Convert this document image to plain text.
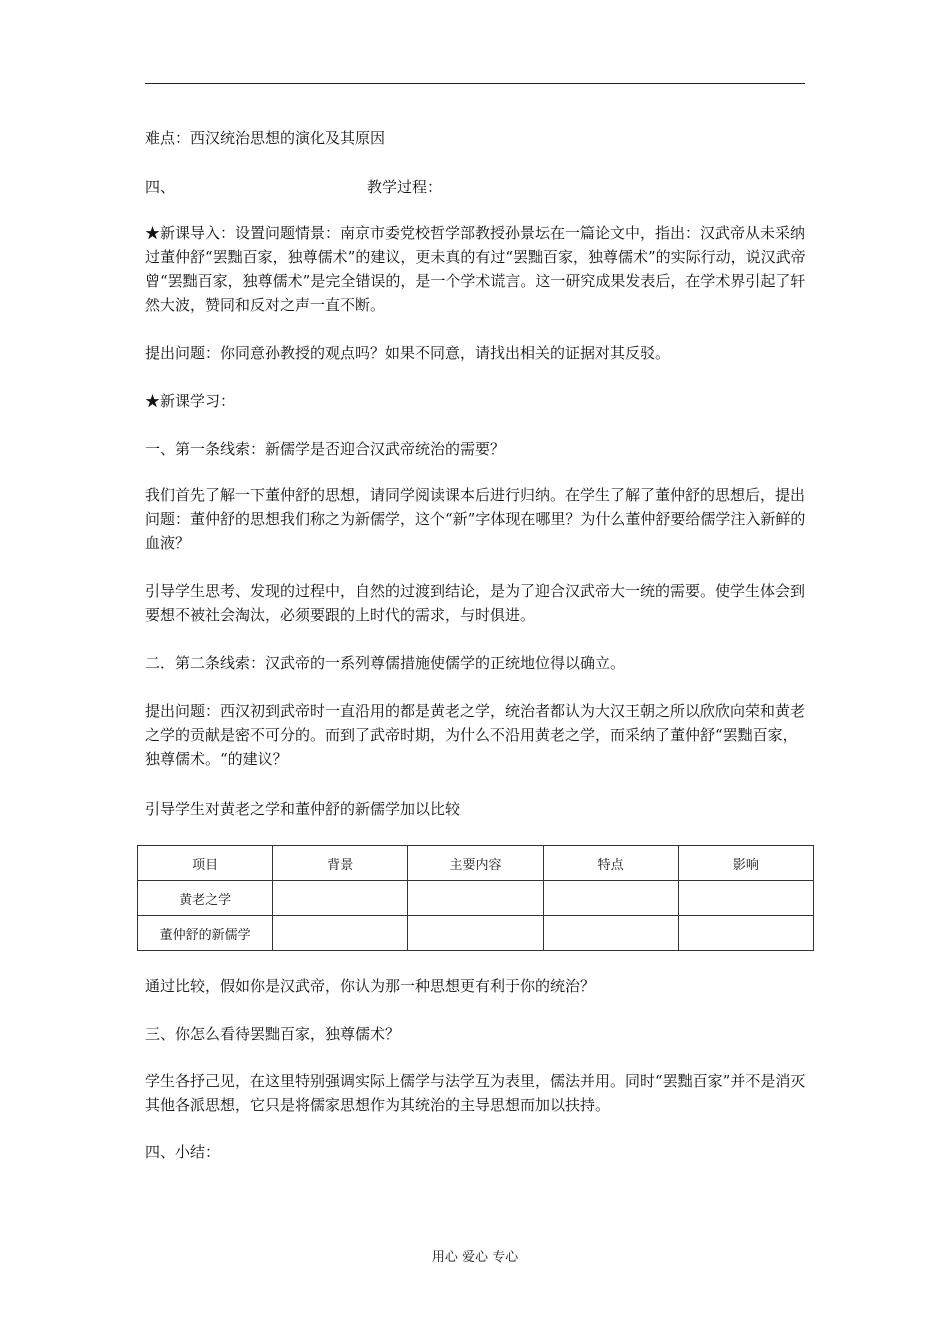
难点：西汉统治思想的演化及其原因

四、	教学过程：

★新课导入：设置问题情景：南京市委党校哲学部教授孙景坛在一篇论文中，指出：汉武帝从未采纳过董仲舒“罢黜百家，独尊儒术”的建议，更未真的有过“罢黜百家，独尊儒术”的实际行动，说汉武帝曾“罢黜百家，独尊儒术”是完全错误的，是一个学术谎言。这一研究成果发表后，在学术界引起了轩然大波，赞同和反对之声一直不断。

提出问题：你同意孙教授的观点吗？如果不同意，请找出相关的证据对其反驳。

★新课学习：

一、第一条线索：新儒学是否迎合汉武帝统治的需要？

我们首先了解一下董仲舒的思想，请同学阅读课本后进行归纳。在学生了解了董仲舒的思想后，提出问题：董仲舒的思想我们称之为新儒学，这个“新”字体现在哪里？为什么董仲舒要给儒学注入新鲜的血液？

引导学生思考、发现的过程中，自然的过渡到结论，是为了迎合汉武帝大一统的需要。使学生体会到要想不被社会淘汰，必须要跟的上时代的需求，与时俱进。

二．第二条线索：汉武帝的一系列尊儒措施使儒学的正统地位得以确立。

提出问题：西汉初到武帝时一直沿用的都是黄老之学，统治者都认为大汉王朝之所以欣欣向荣和黄老之学的贡献是密不可分的。而到了武帝时期，为什么不沿用黄老之学，而采纳了董仲舒“罢黜百家，独尊儒术。“的建议？

引导学生对黄老之学和董仲舒的新儒学加以比较

项目	背景	主要内容	特点	影响
黄老之学				
董仲舒的新儒学				

通过比较，假如你是汉武帝，你认为那一种思想更有利于你的统治？

三、你怎么看待罢黜百家，独尊儒术？

学生各抒己见，在这里特别强调实际上儒学与法学互为表里，儒法并用。同时“罢黜百家”并不是消灭其他各派思想，它只是将儒家思想作为其统治的主导思想而加以扶持。

四、小结：

用心 爱心 专心
